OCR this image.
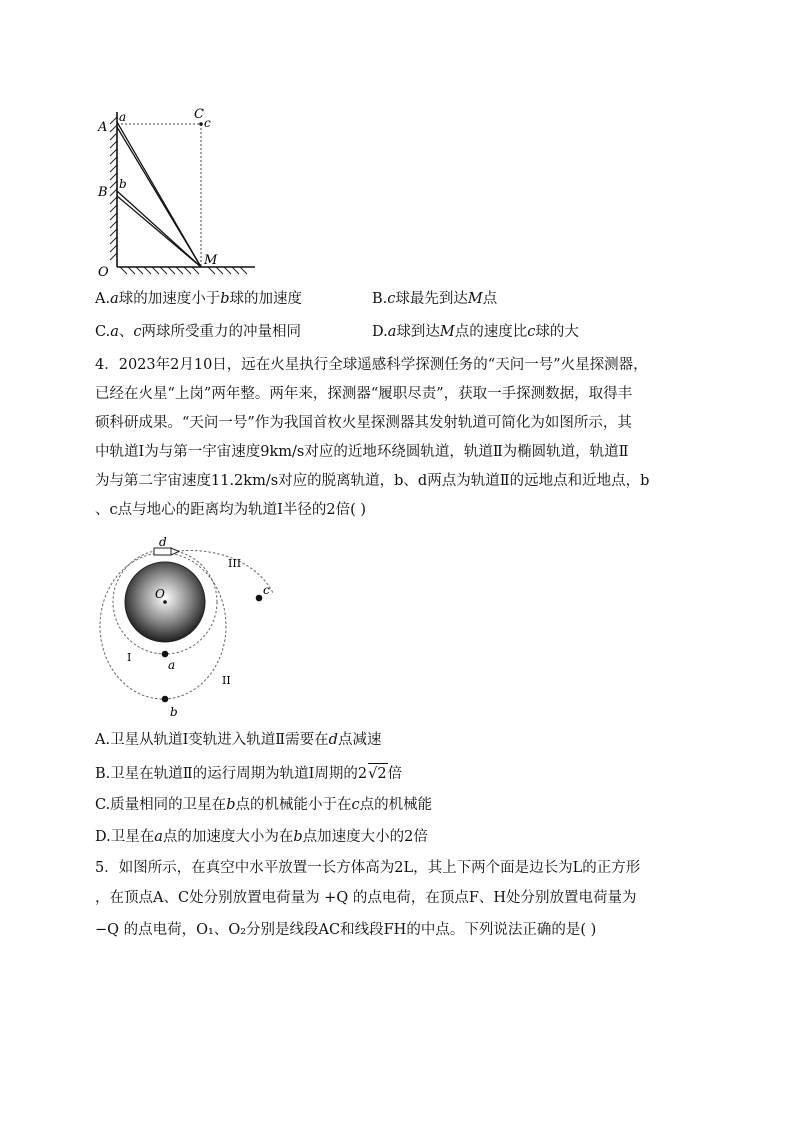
a
A
C
c
B
b
O
M
A.a球的加速度小于b球的加速度	B.c球最先到达M点
C.a、c两球所受重力的冲量相同	D.a球到达M点的速度比c球的大
4．2023年2月10日，远在火星执行全球遥感科学探测任务的“天问一号”火星探测器，
已经在火星“上岗”两年整。两年来，探测器“履职尽责”，获取一手探测数据，取得丰
硕科研成果。“天问一号”作为我国首枚火星探测器其发射轨道可简化为如图所示，其
中轨道Ⅰ为与第一宇宙速度9km/s对应的近地环绕圆轨道，轨道Ⅱ为椭圆轨道，轨道Ⅱ
为与第二宇宙速度11.2km/s对应的脱离轨道，b、d两点为轨道Ⅱ的远地点和近地点，b
、c点与地心的距离均为轨道Ⅰ半径的2倍( )
O
d
III
c
I
a
II
b
A.卫星从轨道Ⅰ变轨进入轨道Ⅱ需要在d点减速
B.卫星在轨道Ⅱ的运行周期为轨道Ⅰ周期的2√2倍
C.质量相同的卫星在b点的机械能小于在c点的机械能
D.卫星在a点的加速度大小为在b点加速度大小的2倍
5．如图所示，在真空中水平放置一长方体高为2L，其上下两个面是边长为L的正方形
，在顶点A、C处分别放置电荷量为 +Q 的点电荷，在顶点F、H处分别放置电荷量为
−Q 的点电荷，O₁、O₂分别是线段AC和线段FH的中点。下列说法正确的是( )
